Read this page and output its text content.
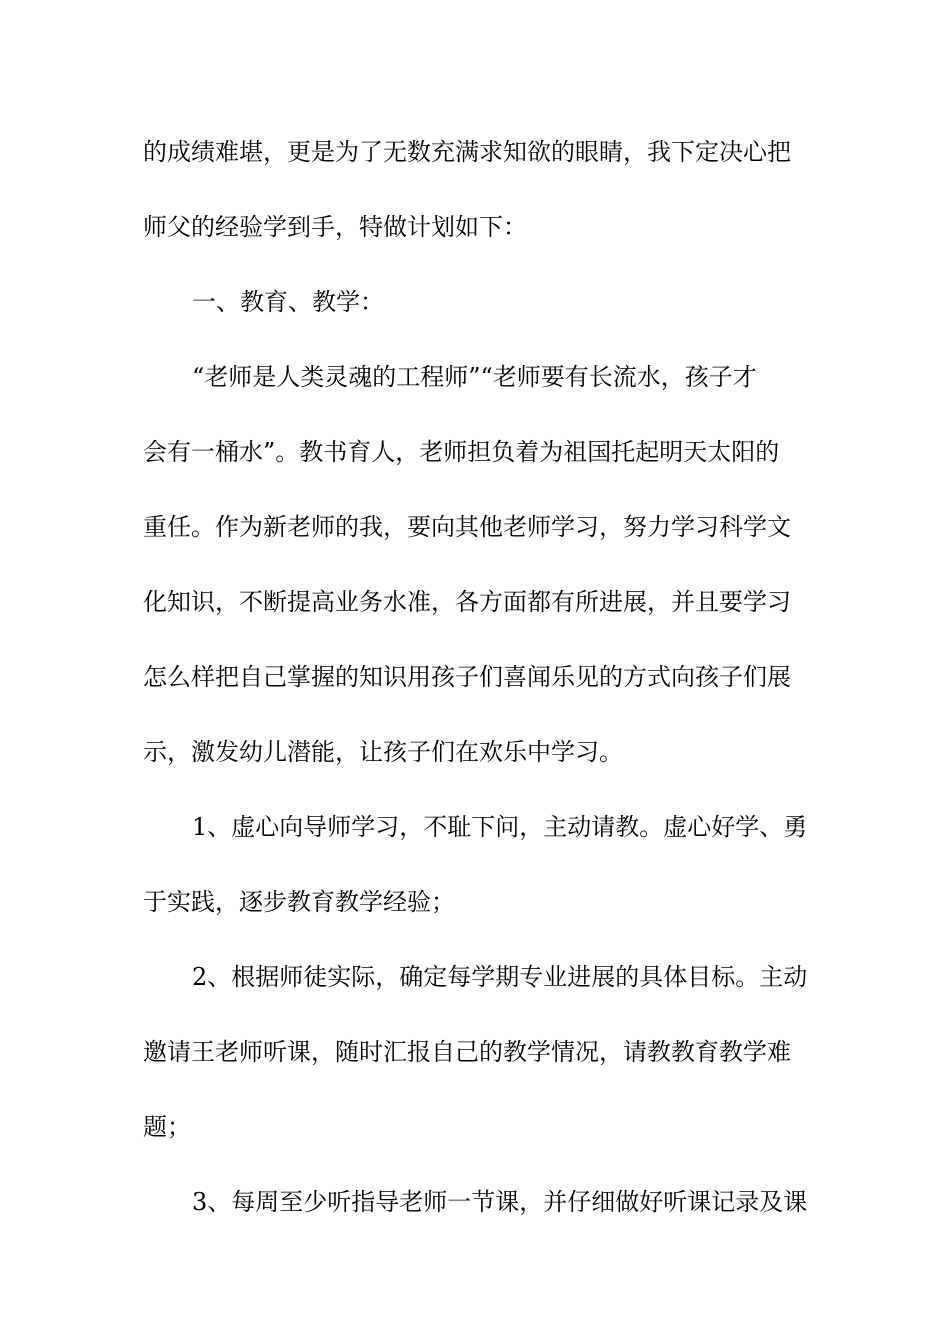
的成绩难堪，更是为了无数充满求知欲的眼睛，我下定决心把
师父的经验学到手，特做计划如下：
一、教育、教学：
“老师是人类灵魂的工程师”“老师要有长流水，孩子才
会有一桶水”。教书育人，老师担负着为祖国托起明天太阳的
重任。作为新老师的我，要向其他老师学习，努力学习科学文
化知识，不断提高业务水准，各方面都有所进展，并且要学习
怎么样把自己掌握的知识用孩子们喜闻乐见的方式向孩子们展
示，激发幼儿潜能，让孩子们在欢乐中学习。
1、虚心向导师学习，不耻下问，主动请教。虚心好学、勇
于实践，逐步教育教学经验；
2、根据师徒实际，确定每学期专业进展的具体目标。主动
邀请王老师听课，随时汇报自己的教学情况，请教教育教学难
题；
3、每周至少听指导老师一节课，并仔细做好听课记录及课
